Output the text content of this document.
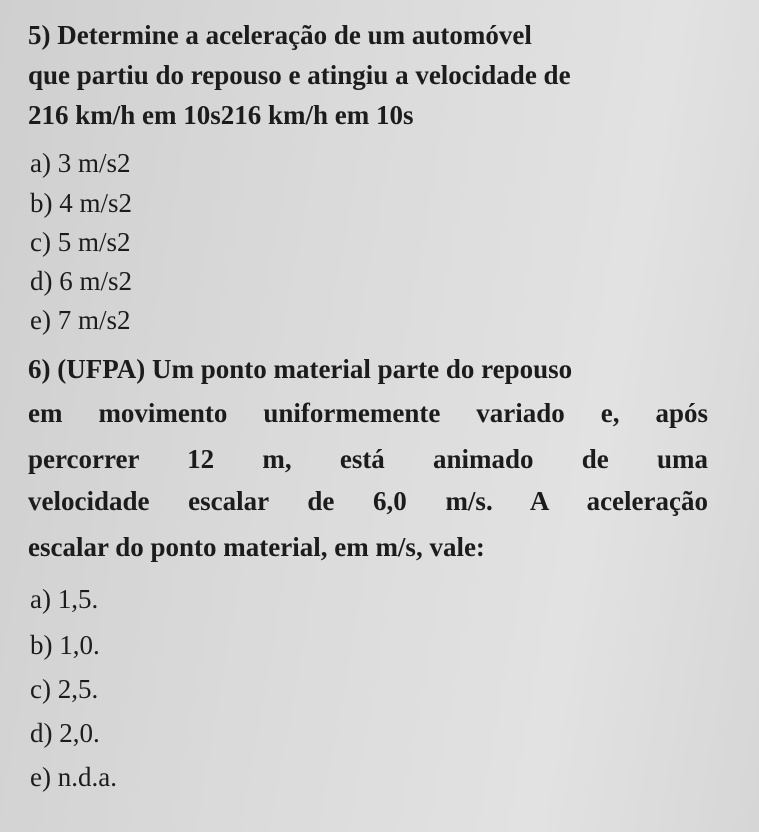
5) Determine a aceleração de um automóvel
que partiu do repouso e atingiu a velocidade de
216 km/h em 10s216 km/h em 10s
a) 3 m/s2
b) 4 m/s2
c) 5 m/s2
d) 6 m/s2
e) 7 m/s2
6) (UFPA) Um ponto material parte do repouso
em movimento uniformemente variado e, após
percorrer 12 m, está animado de uma
velocidade escalar de 6,0 m/s. A aceleração
escalar do ponto material, em m/s, vale:
a) 1,5.
b) 1,0.
c) 2,5.
d) 2,0.
e) n.d.a.
